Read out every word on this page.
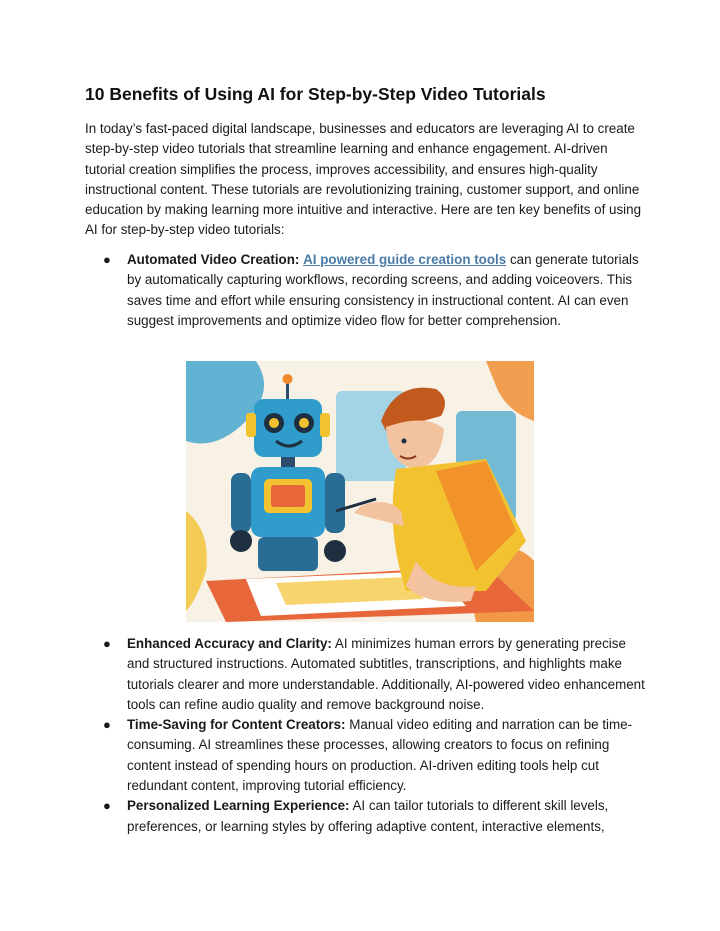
10 Benefits of Using AI for Step-by-Step Video Tutorials

In today’s fast-paced digital landscape, businesses and educators are leveraging AI to create step-by-step video tutorials that streamline learning and enhance engagement. AI-driven tutorial creation simplifies the process, improves accessibility, and ensures high-quality instructional content. These tutorials are revolutionizing training, customer support, and online education by making learning more intuitive and interactive. Here are ten key benefits of using AI for step-by-step video tutorials:

● Automated Video Creation: AI powered guide creation tools can generate tutorials by automatically capturing workflows, recording screens, and adding voiceovers. This saves time and effort while ensuring consistency in instructional content. AI can even suggest improvements and optimize video flow for better comprehension.
● Enhanced Accuracy and Clarity: AI minimizes human errors by generating precise and structured instructions. Automated subtitles, transcriptions, and highlights make tutorials clearer and more understandable. Additionally, AI-powered video enhancement tools can refine audio quality and remove background noise.
● Time-Saving for Content Creators: Manual video editing and narration can be time-consuming. AI streamlines these processes, allowing creators to focus on refining content instead of spending hours on production. AI-driven editing tools help cut redundant content, improving tutorial efficiency.
● Personalized Learning Experience: AI can tailor tutorials to different skill levels, preferences, or learning styles by offering adaptive content, interactive elements,
